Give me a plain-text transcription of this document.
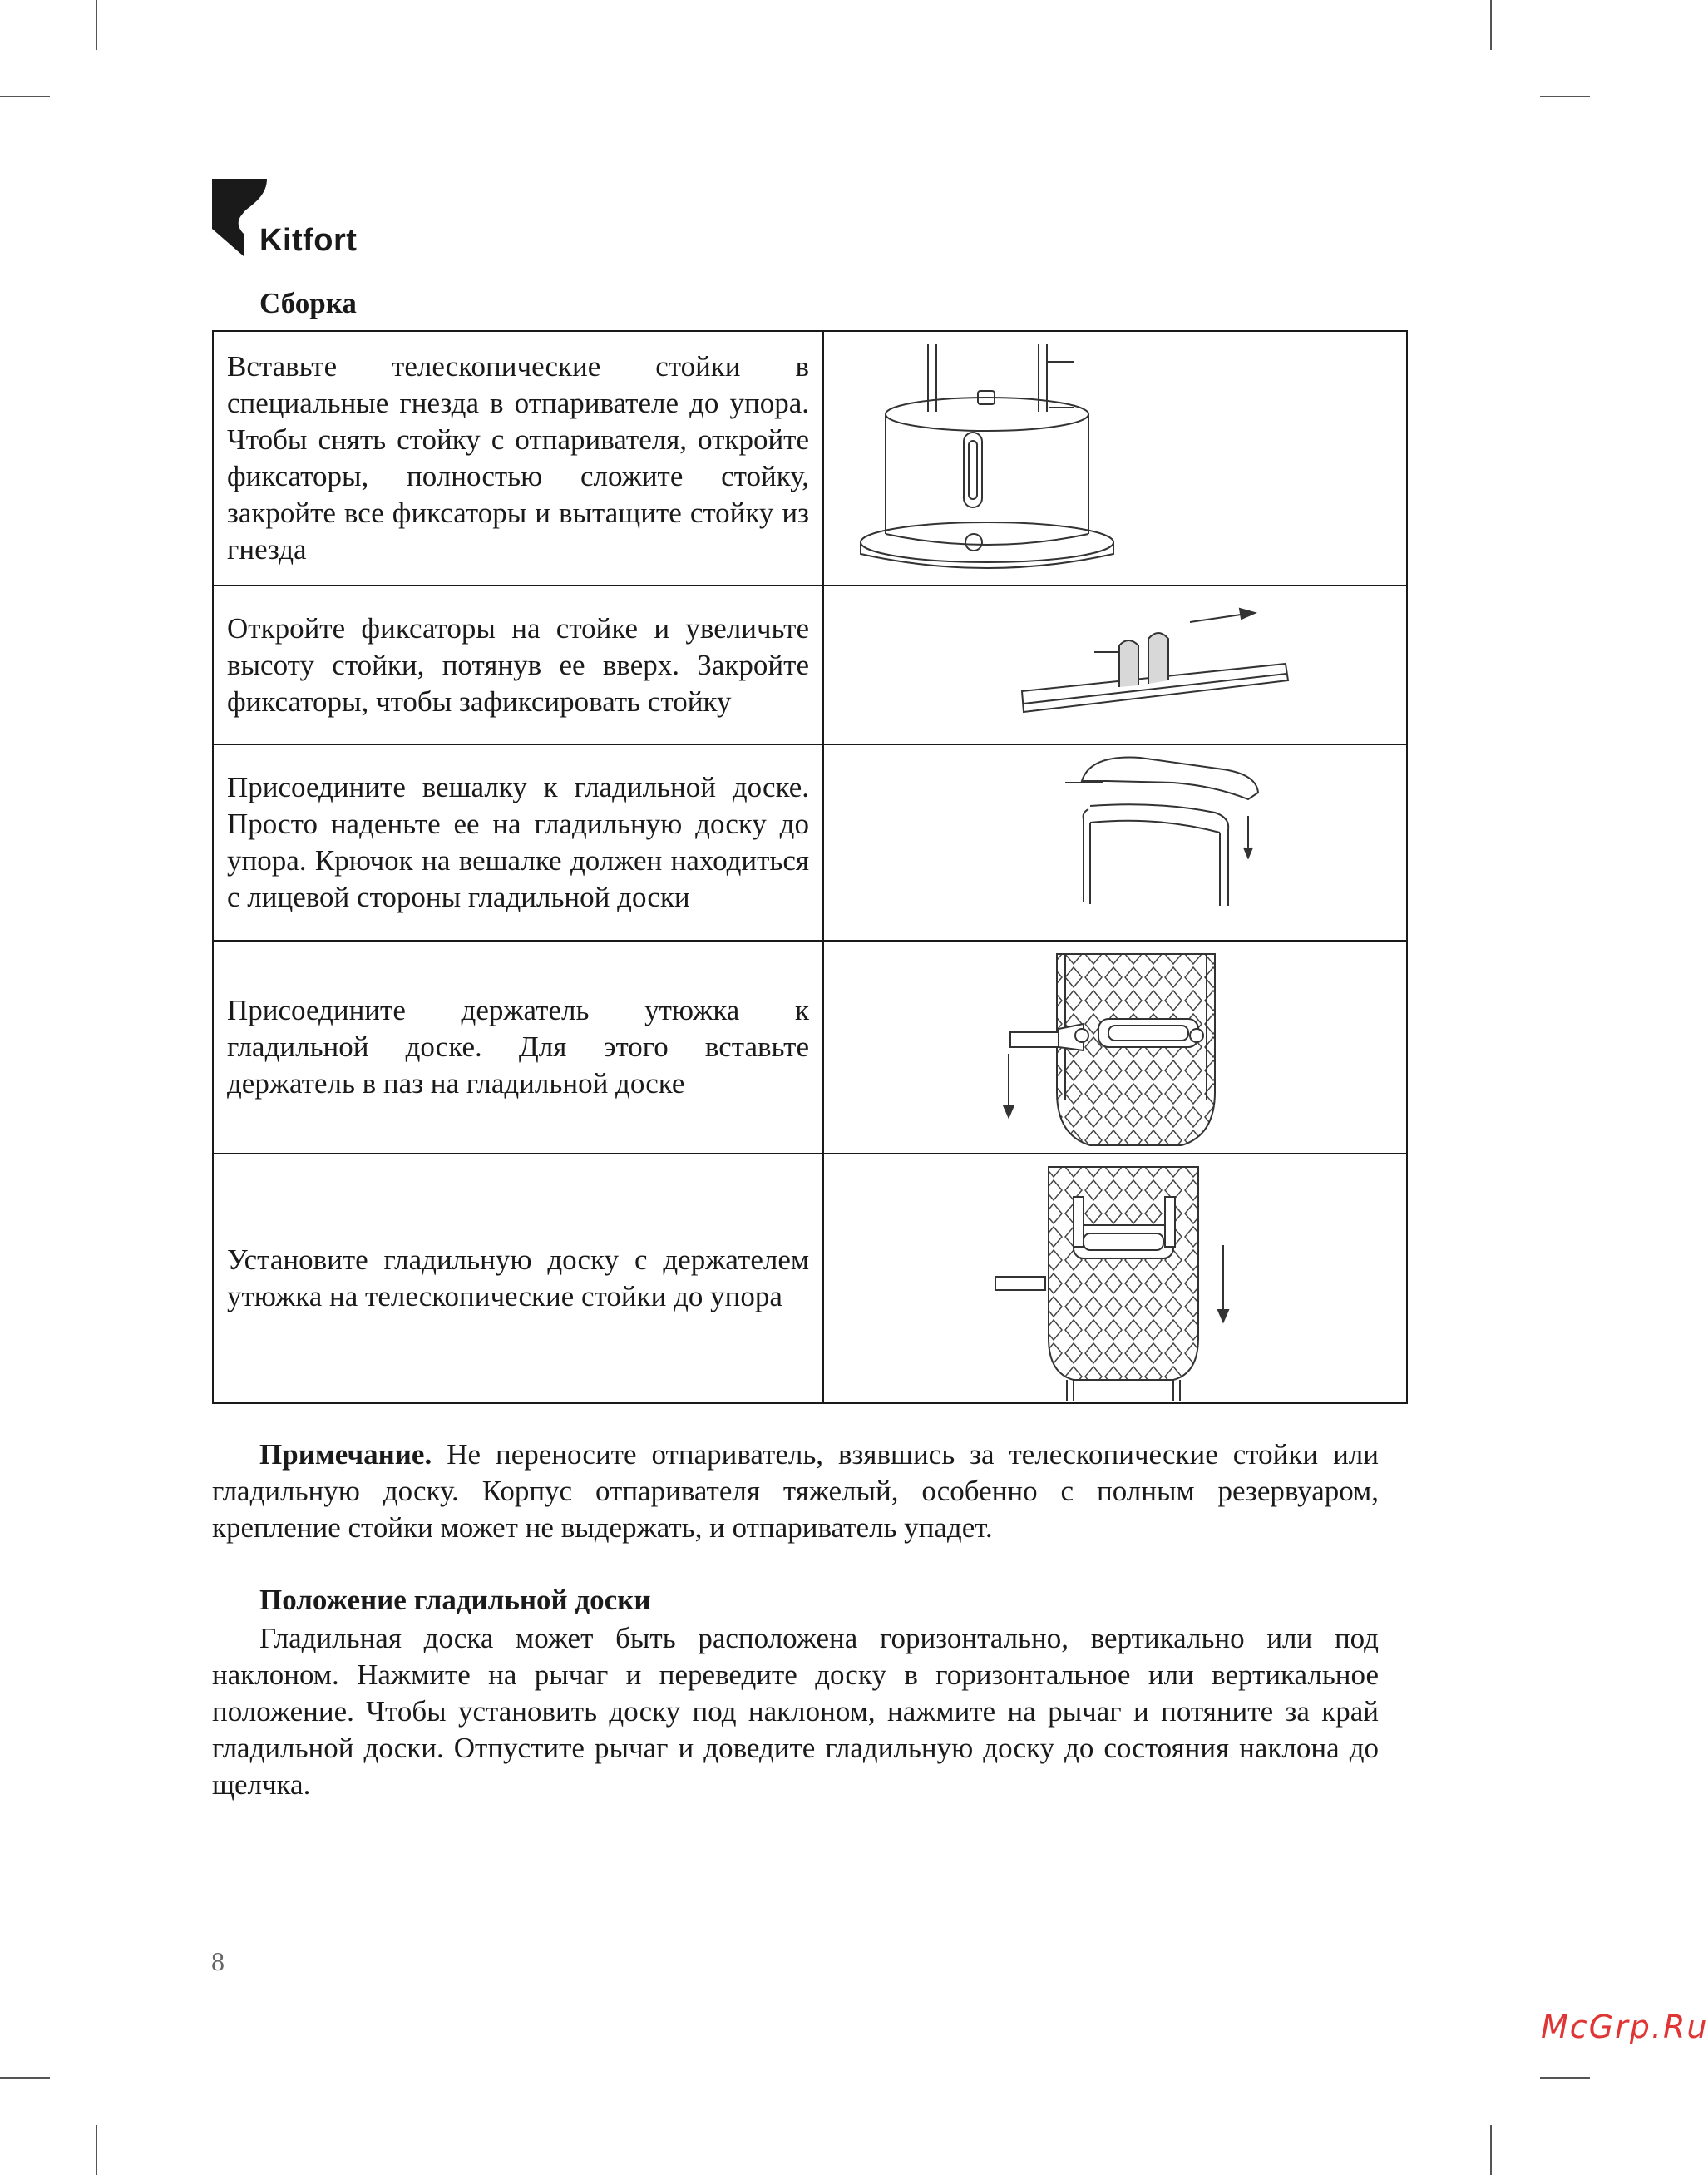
Kitfort
Сборка
Вставьте телескопические стойки в специальные гнезда в отпаривателе до упора. Чтобы снять стойку с отпаривателя, откройте фиксаторы, полностью сложите стойку, закройте все фиксаторы и вытащите стойку из гнезда	

Откройте фиксаторы на стойке и увеличьте высоту стойки, потянув ее вверх. Закройте фиксаторы, чтобы зафиксировать стойку	

Присоедините вешалку к гладильной доске. Просто наденьте ее на гладильную доску до упора. Крючок на вешалке должен находиться с лицевой стороны гладильной доски	

Присоедините держатель утюжка к гладильной доске. Для этого вставьте держатель в паз на гладильной доске	McGrp.Ru

Установите гладильную доску с держателем утюжка на телескопические стойки до упора	

Примечание. Не переносите отпариватель, взявшись за телескопические стойки или гладильную доску. Корпус отпаривателя тяжелый, особенно с полным резервуаром, крепление стойки может не выдержать, и отпариватель упадет.

Положение гладильной доски

Гладильная доска может быть расположена горизонтально, вертикально или под наклоном. Нажмите на рычаг и переведите доску в горизонтальное или вертикальное положение. Чтобы установить доску под наклоном, нажмите на рычаг и потяните за край гладильной доски. Отпустите рычаг и доведите гладильную доску до состояния наклона до щелчка.

8
